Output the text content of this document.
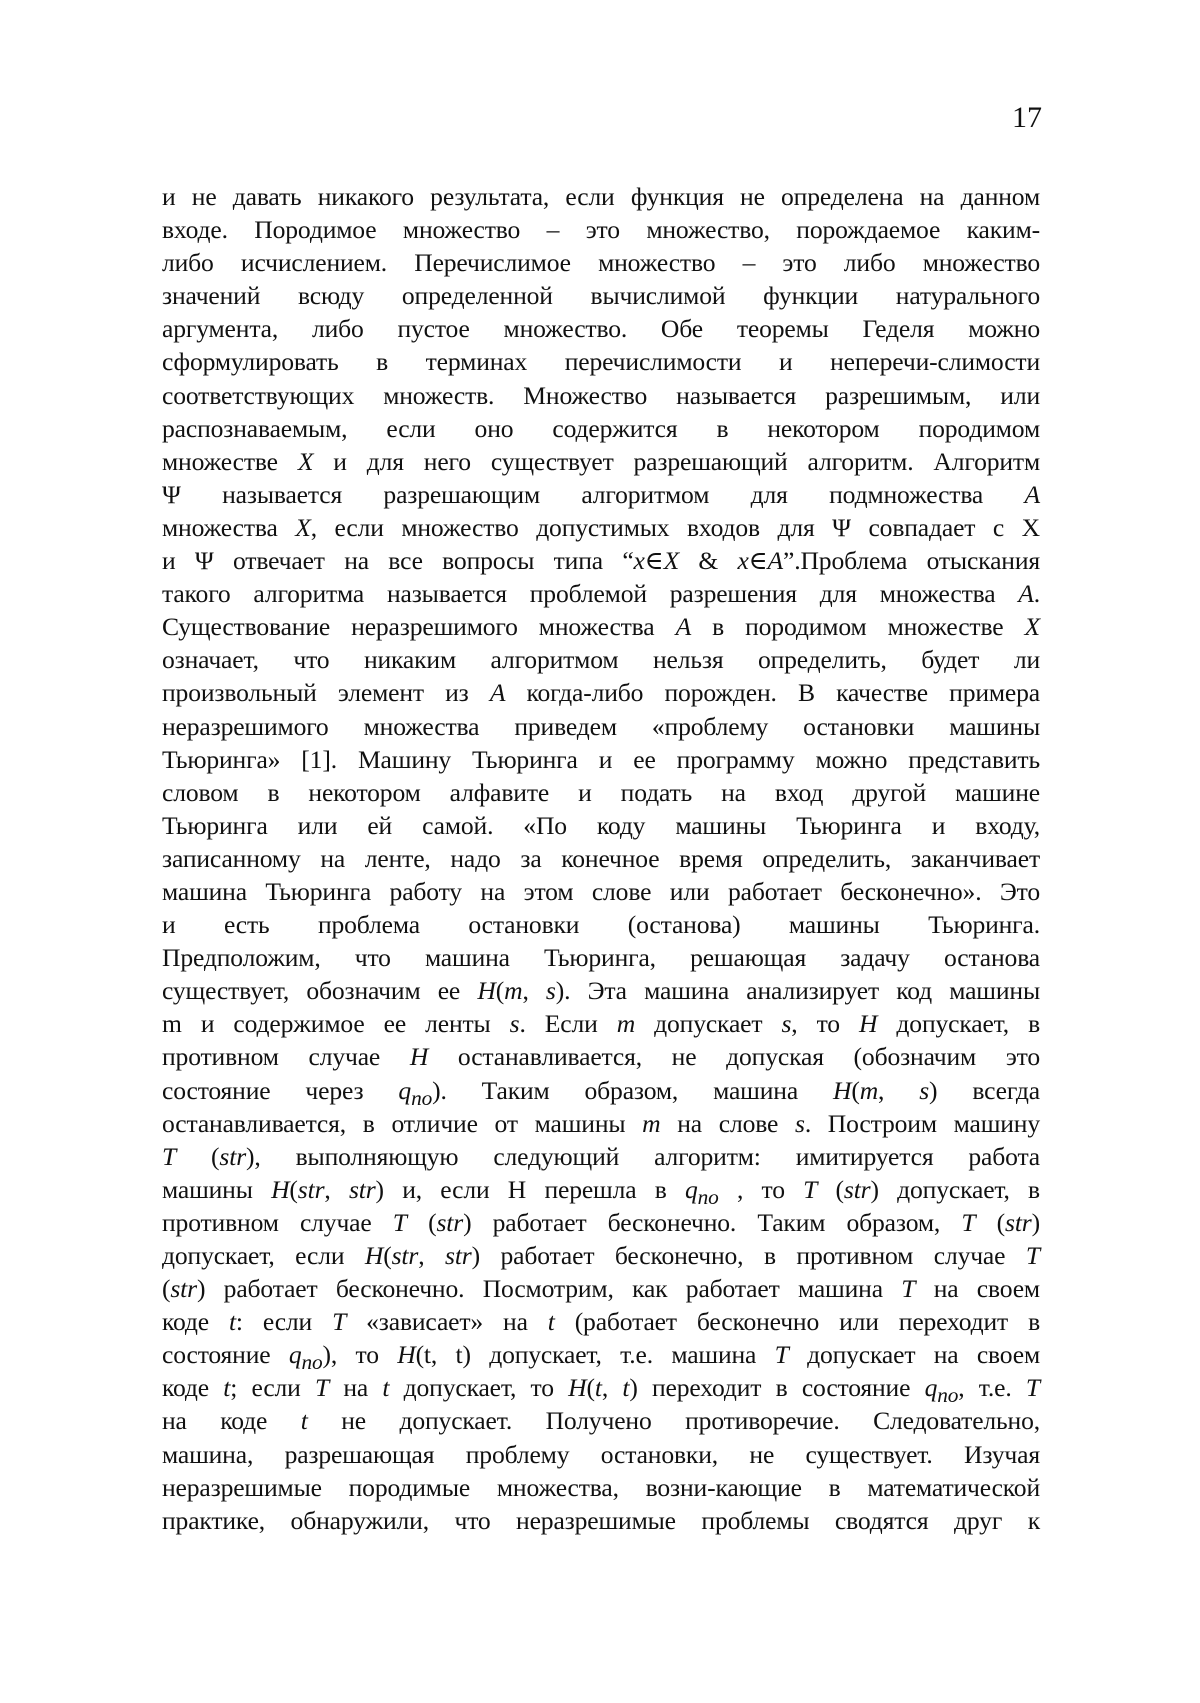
17
и не давать никакого результата, если функция не определена на данном
входе. Породимое множество – это множество, порождаемое каким-
либо исчислением. Перечислимое множество – это либо множество
значений всюду определенной вычислимой функции натурального
аргумента, либо пустое множество. Обе теоремы Геделя можно
сформулировать в терминах перечислимости и неперечи-слимости
соответствующих множеств. Множество называется разрешимым, или
распознаваемым, если оно содержится в некотором породимом
множестве X и для него существует разрешающий алгоритм. Алгоритм
Ψ называется разрешающим алгоритмом для подмножества A
множества X, если множество допустимых входов для Ψ совпадает с X
и Ψ отвечает на все вопросы типа “x∈X & x∈A”.Проблема отыскания
такого алгоритма называется проблемой разрешения для множества A.
Существование неразрешимого множества A в породимом множестве X
означает, что никаким алгоритмом нельзя определить, будет ли
произвольный элемент из A когда-либо порожден. В качестве примера
неразрешимого множества приведем «проблему остановки машины
Тьюринга» [1]. Машину Тьюринга и ее программу можно представить
словом в некотором алфавите и подать на вход другой машине
Тьюринга или ей самой. «По коду машины Тьюринга и входу,
записанному на ленте, надо за конечное время определить, заканчивает
машина Тьюринга работу на этом слове или работает бесконечно». Это
и есть проблема остановки (останова) машины Тьюринга.
Предположим, что машина Тьюринга, решающая задачу останова
существует, обозначим ее H(m, s). Эта машина анализирует код машины
m и содержимое ее ленты s. Если m допускает s, то H допускает, в
противном случае H останавливается, не допуская (обозначим это
состояние через $q_{no}$). Таким образом, машина H(m, s) всегда
останавливается, в отличие от машины m на слове s. Построим машину
T (str), выполняющую следующий алгоритм: имитируется работа
машины H(str, str) и, если H перешла в $q_{no}$ , то T (str) допускает, в
противном случае T (str) работает бесконечно. Таким образом, T (str)
допускает, если H(str, str) работает бесконечно, в противном случае T
(str) работает бесконечно. Посмотрим, как работает машина T на своем
коде t: если T «зависает» на t (работает бесконечно или переходит в
состояние $q_{no}$), то H(t, t) допускает, т.е. машина T допускает на своем
коде t; если T на t допускает, то H(t, t) переходит в состояние $q_{no}$, т.е. T
на коде t не допускает. Получено противоречие. Следовательно,
машина, разрешающая проблему остановки, не существует. Изучая
неразрешимые породимые множества, возни-кающие в математической
практике, обнаружили, что неразрешимые проблемы сводятся друг к
